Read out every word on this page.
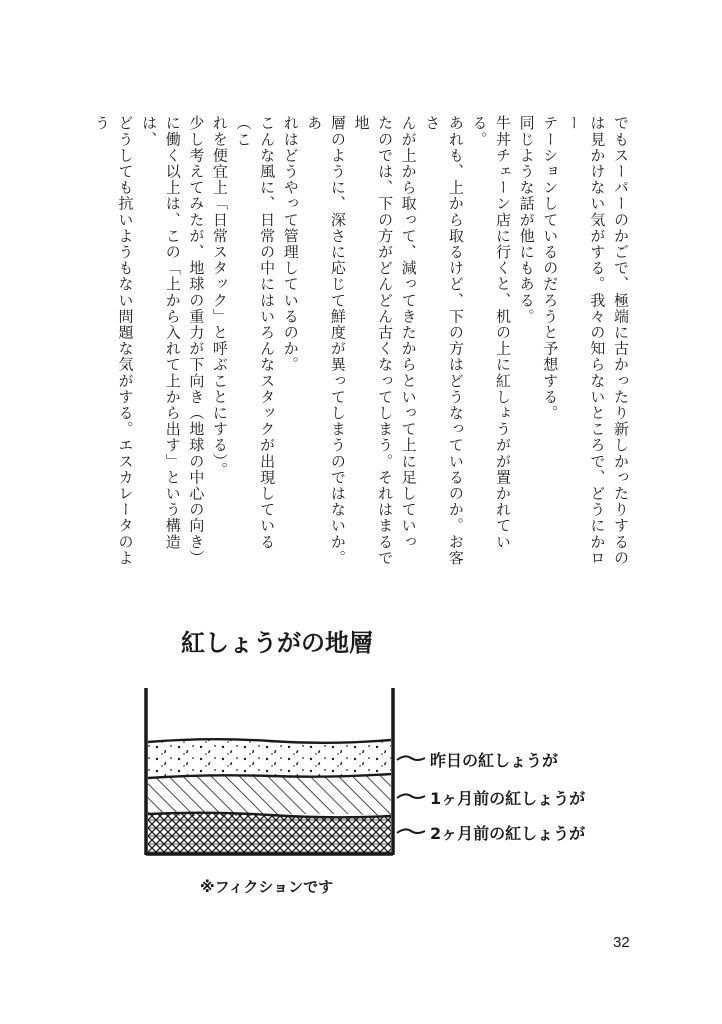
でもスーパーのかごで、極端に古かったり新しかったりするの

は見かけない気がする。我々の知らないところで、どうにかロー

テーションしているのだろうと予想する。

同じような話が他にもある。

牛丼チェーン店に行くと、机の上に紅しょうがが置かれている。

あれも、上から取るけど、下の方はどうなっているのか。お客さ

んが上から取って、減ってきたからといって上に足していっ

たのでは、下の方がどんどん古くなってしまう。それはまるで地

層のように、深さに応じて鮮度が異ってしまうのではないか。あ

れはどうやって管理しているのか。

こんな風に、日常の中にはいろんなスタックが出現している（こ

れを便宜上「日常スタック」と呼ぶことにする）。

少し考えてみたが、地球の重力が下向き（地球の中心の向き）

に働く以上は、この「上から入れて上から出す」という構造は、

どうしても抗いようもない問題な気がする。エスカレータのよう

紅しょうがの地層
昨日の紅しょうが
1ヶ月前の紅しょうが
2ヶ月前の紅しょうが
※フィクションです
32
